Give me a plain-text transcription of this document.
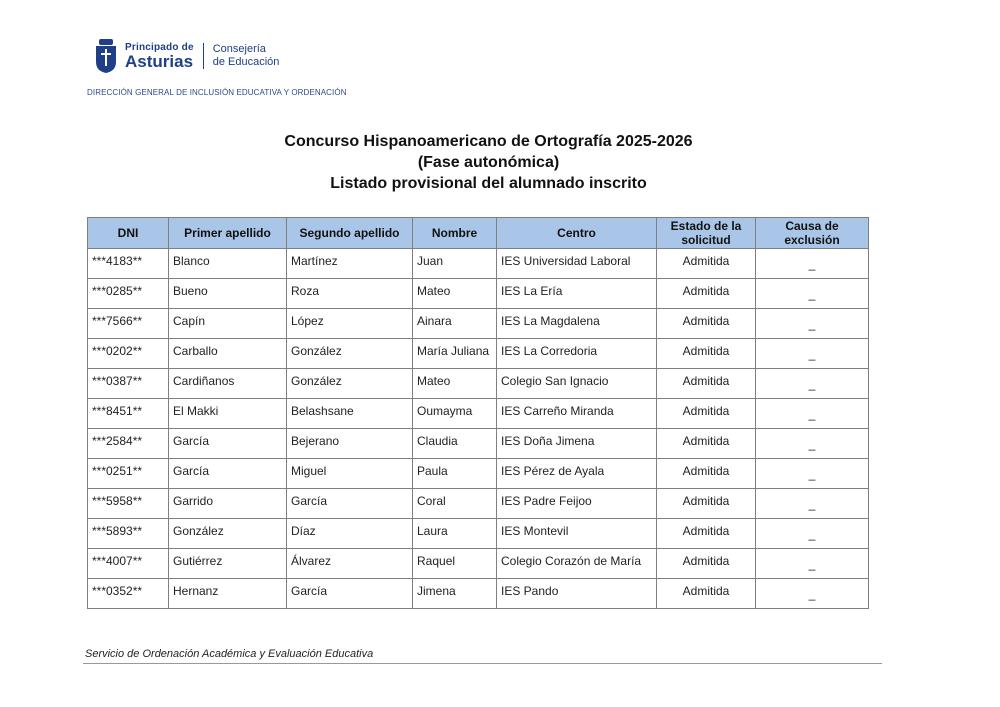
Principado de
Asturias
Consejería
de Educación
DIRECCIÓN GENERAL DE INCLUSIÓN EDUCATIVA Y ORDENACIÓN
Concurso Hispanoamericano de Ortografía 2025-2026
(Fase autonómica)
Listado provisional del alumnado inscrito
DNI	Primer apellido	Segundo apellido	Nombre	Centro	Estado de la solicitud	Causa de exclusión
***4183**	Blanco	Martínez	Juan	IES Universidad Laboral	Admitida	_
***0285**	Bueno	Roza	Mateo	IES La Ería	Admitida	_
***7566**	Capín	López	Ainara	IES La Magdalena	Admitida	_
***0202**	Carballo	González	María Juliana	IES La Corredoria	Admitida	_
***0387**	Cardiñanos	González	Mateo	Colegio San Ignacio	Admitida	_
***8451**	El Makki	Belashsane	Oumayma	IES Carreño Miranda	Admitida	_
***2584**	García	Bejerano	Claudia	IES Doña Jimena	Admitida	_
***0251**	García	Miguel	Paula	IES Pérez de Ayala	Admitida	_
***5958**	Garrido	García	Coral	IES Padre Feijoo	Admitida	_
***5893**	González	Díaz	Laura	IES Montevil	Admitida	_
***4007**	Gutiérrez	Álvarez	Raquel	Colegio Corazón de María	Admitida	_
***0352**	Hernanz	García	Jimena	IES Pando	Admitida	_
Servicio de Ordenación Académica y Evaluación Educativa
